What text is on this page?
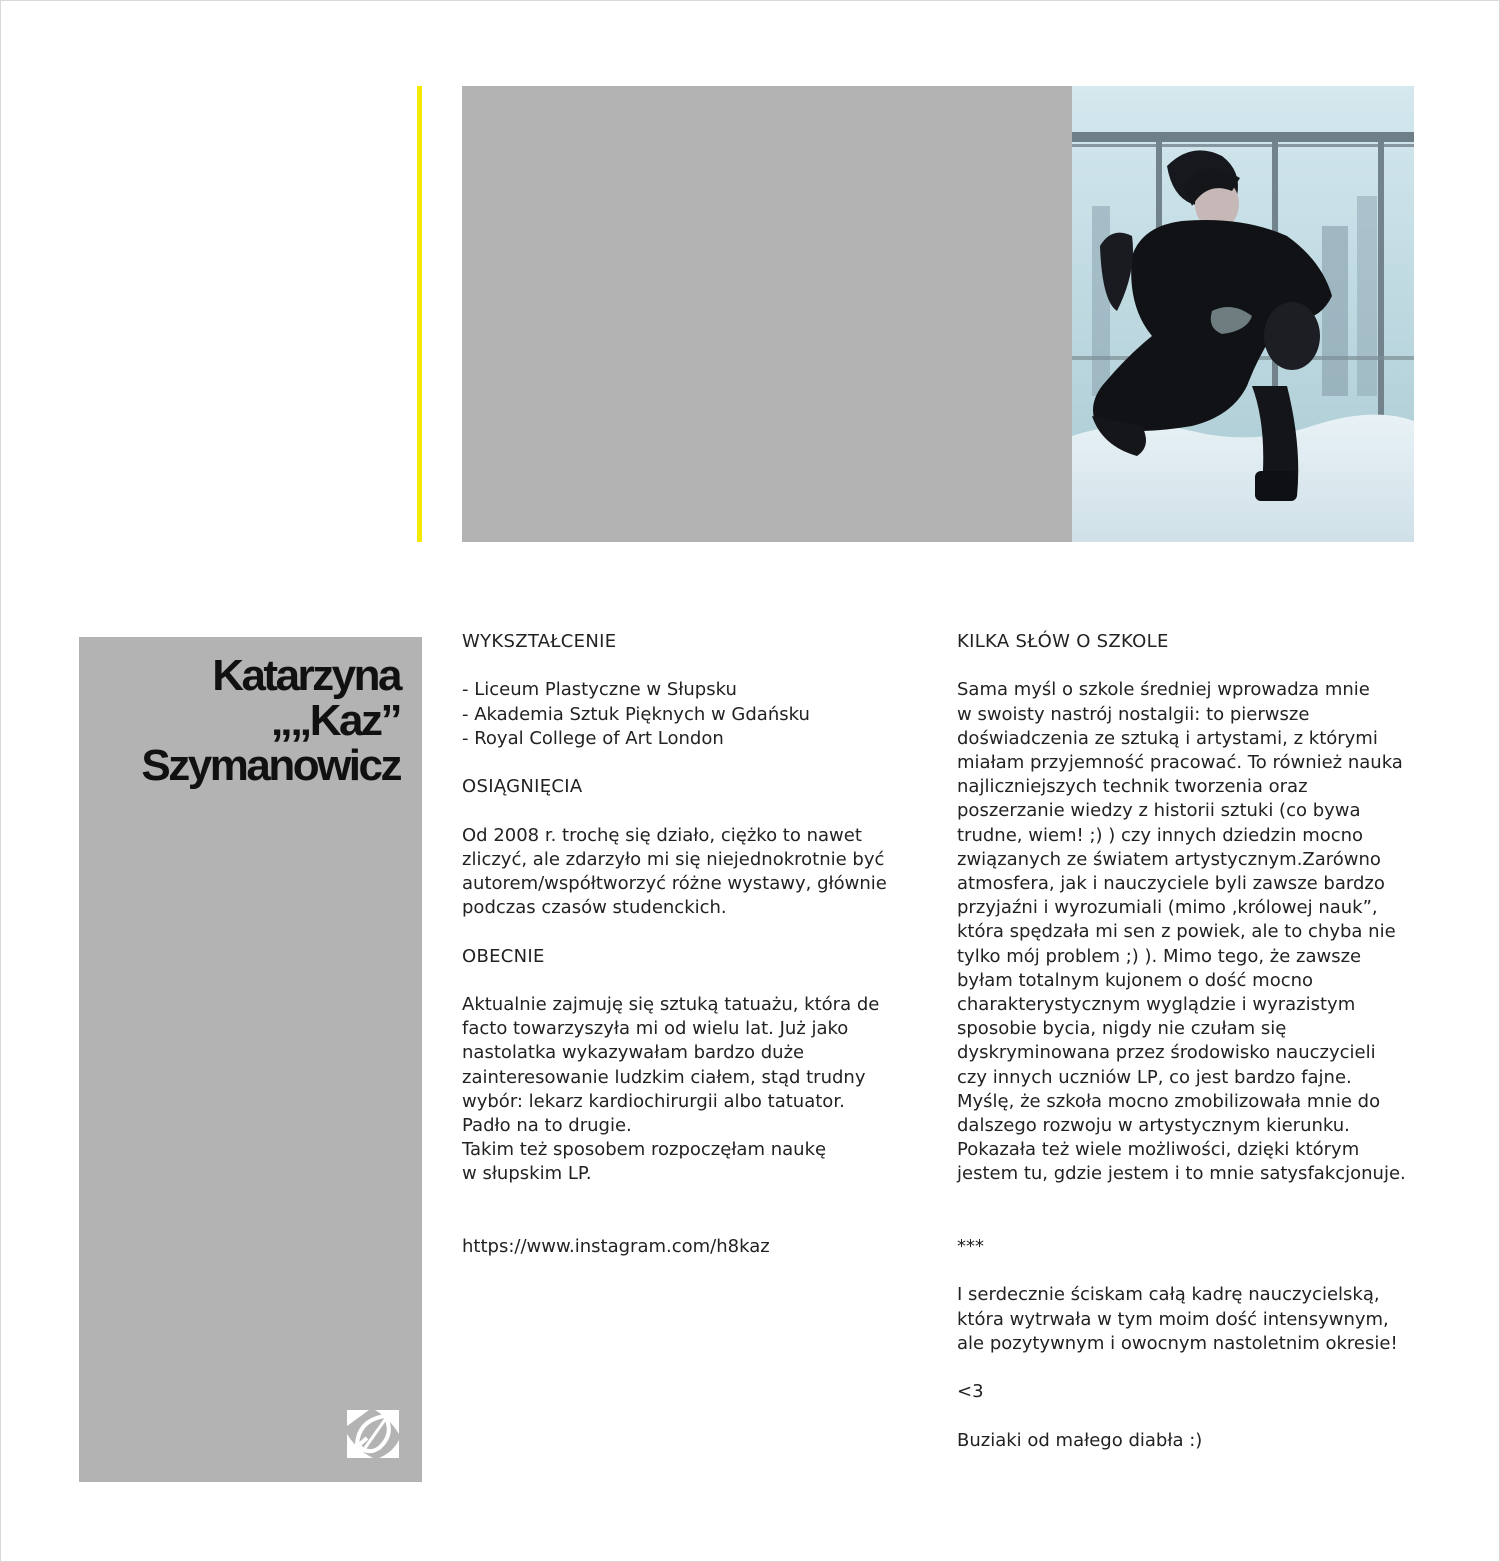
Katarzyna
„„Kaz”
Szymanowicz
WYKSZTAŁCENIE
- Liceum Plastyczne w Słupsku
- Akademia Sztuk Pięknych w Gdańsku
- Royal College of Art London
OSIĄGNIĘCIA

Od 2008 r. trochę się działo, ciężko to nawet
zliczyć, ale zdarzyło mi się niejednokrotnie być
autorem/współtworzyć różne wystawy, głównie
podczas czasów studenckich.

OBECNIE

Aktualnie zajmuję się sztuką tatuażu, która de
facto towarzyszyła mi od wielu lat. Już jako
nastolatka wykazywałam bardzo duże
zainteresowanie ludzkim ciałem, stąd trudny
wybór: lekarz kardiochirurgii albo tatuator.
Padło na to drugie.
Takim też sposobem rozpoczęłam naukę
w słupskim LP.

https://www.instagram.com/h8kaz
KILKA SŁÓW O SZKOLE

Sama myśl o szkole średniej wprowadza mnie
w swoisty nastrój nostalgii: to pierwsze
doświadczenia ze sztuką i artystami, z którymi
miałam przyjemność pracować. To również nauka
najliczniejszych technik tworzenia oraz
poszerzanie wiedzy z historii sztuki (co bywa
trudne, wiem! ;) ) czy innych dziedzin mocno
związanych ze światem artystycznym.Zarówno
atmosfera, jak i nauczyciele byli zawsze bardzo
przyjaźni i wyrozumiali (mimo ‚królowej nauk”,
która spędzała mi sen z powiek, ale to chyba nie
tylko mój problem ;) ). Mimo tego, że zawsze
byłam totalnym kujonem o dość mocno
charakterystycznym wyglądzie i wyrazistym
sposobie bycia, nigdy nie czułam się
dyskryminowana przez środowisko nauczycieli
czy innych uczniów LP, co jest bardzo fajne.
Myślę, że szkoła mocno zmobilizowała mnie do
dalszego rozwoju w artystycznym kierunku.
Pokazała też wiele możliwości, dzięki którym
jestem tu, gdzie jestem i to mnie satysfakcjonuje.

***

I serdecznie ściskam całą kadrę nauczycielską,
która wytrwała w tym moim dość intensywnym,
ale pozytywnym i owocnym nastoletnim okresie!

<3
Buziaki od małego diabła :)
